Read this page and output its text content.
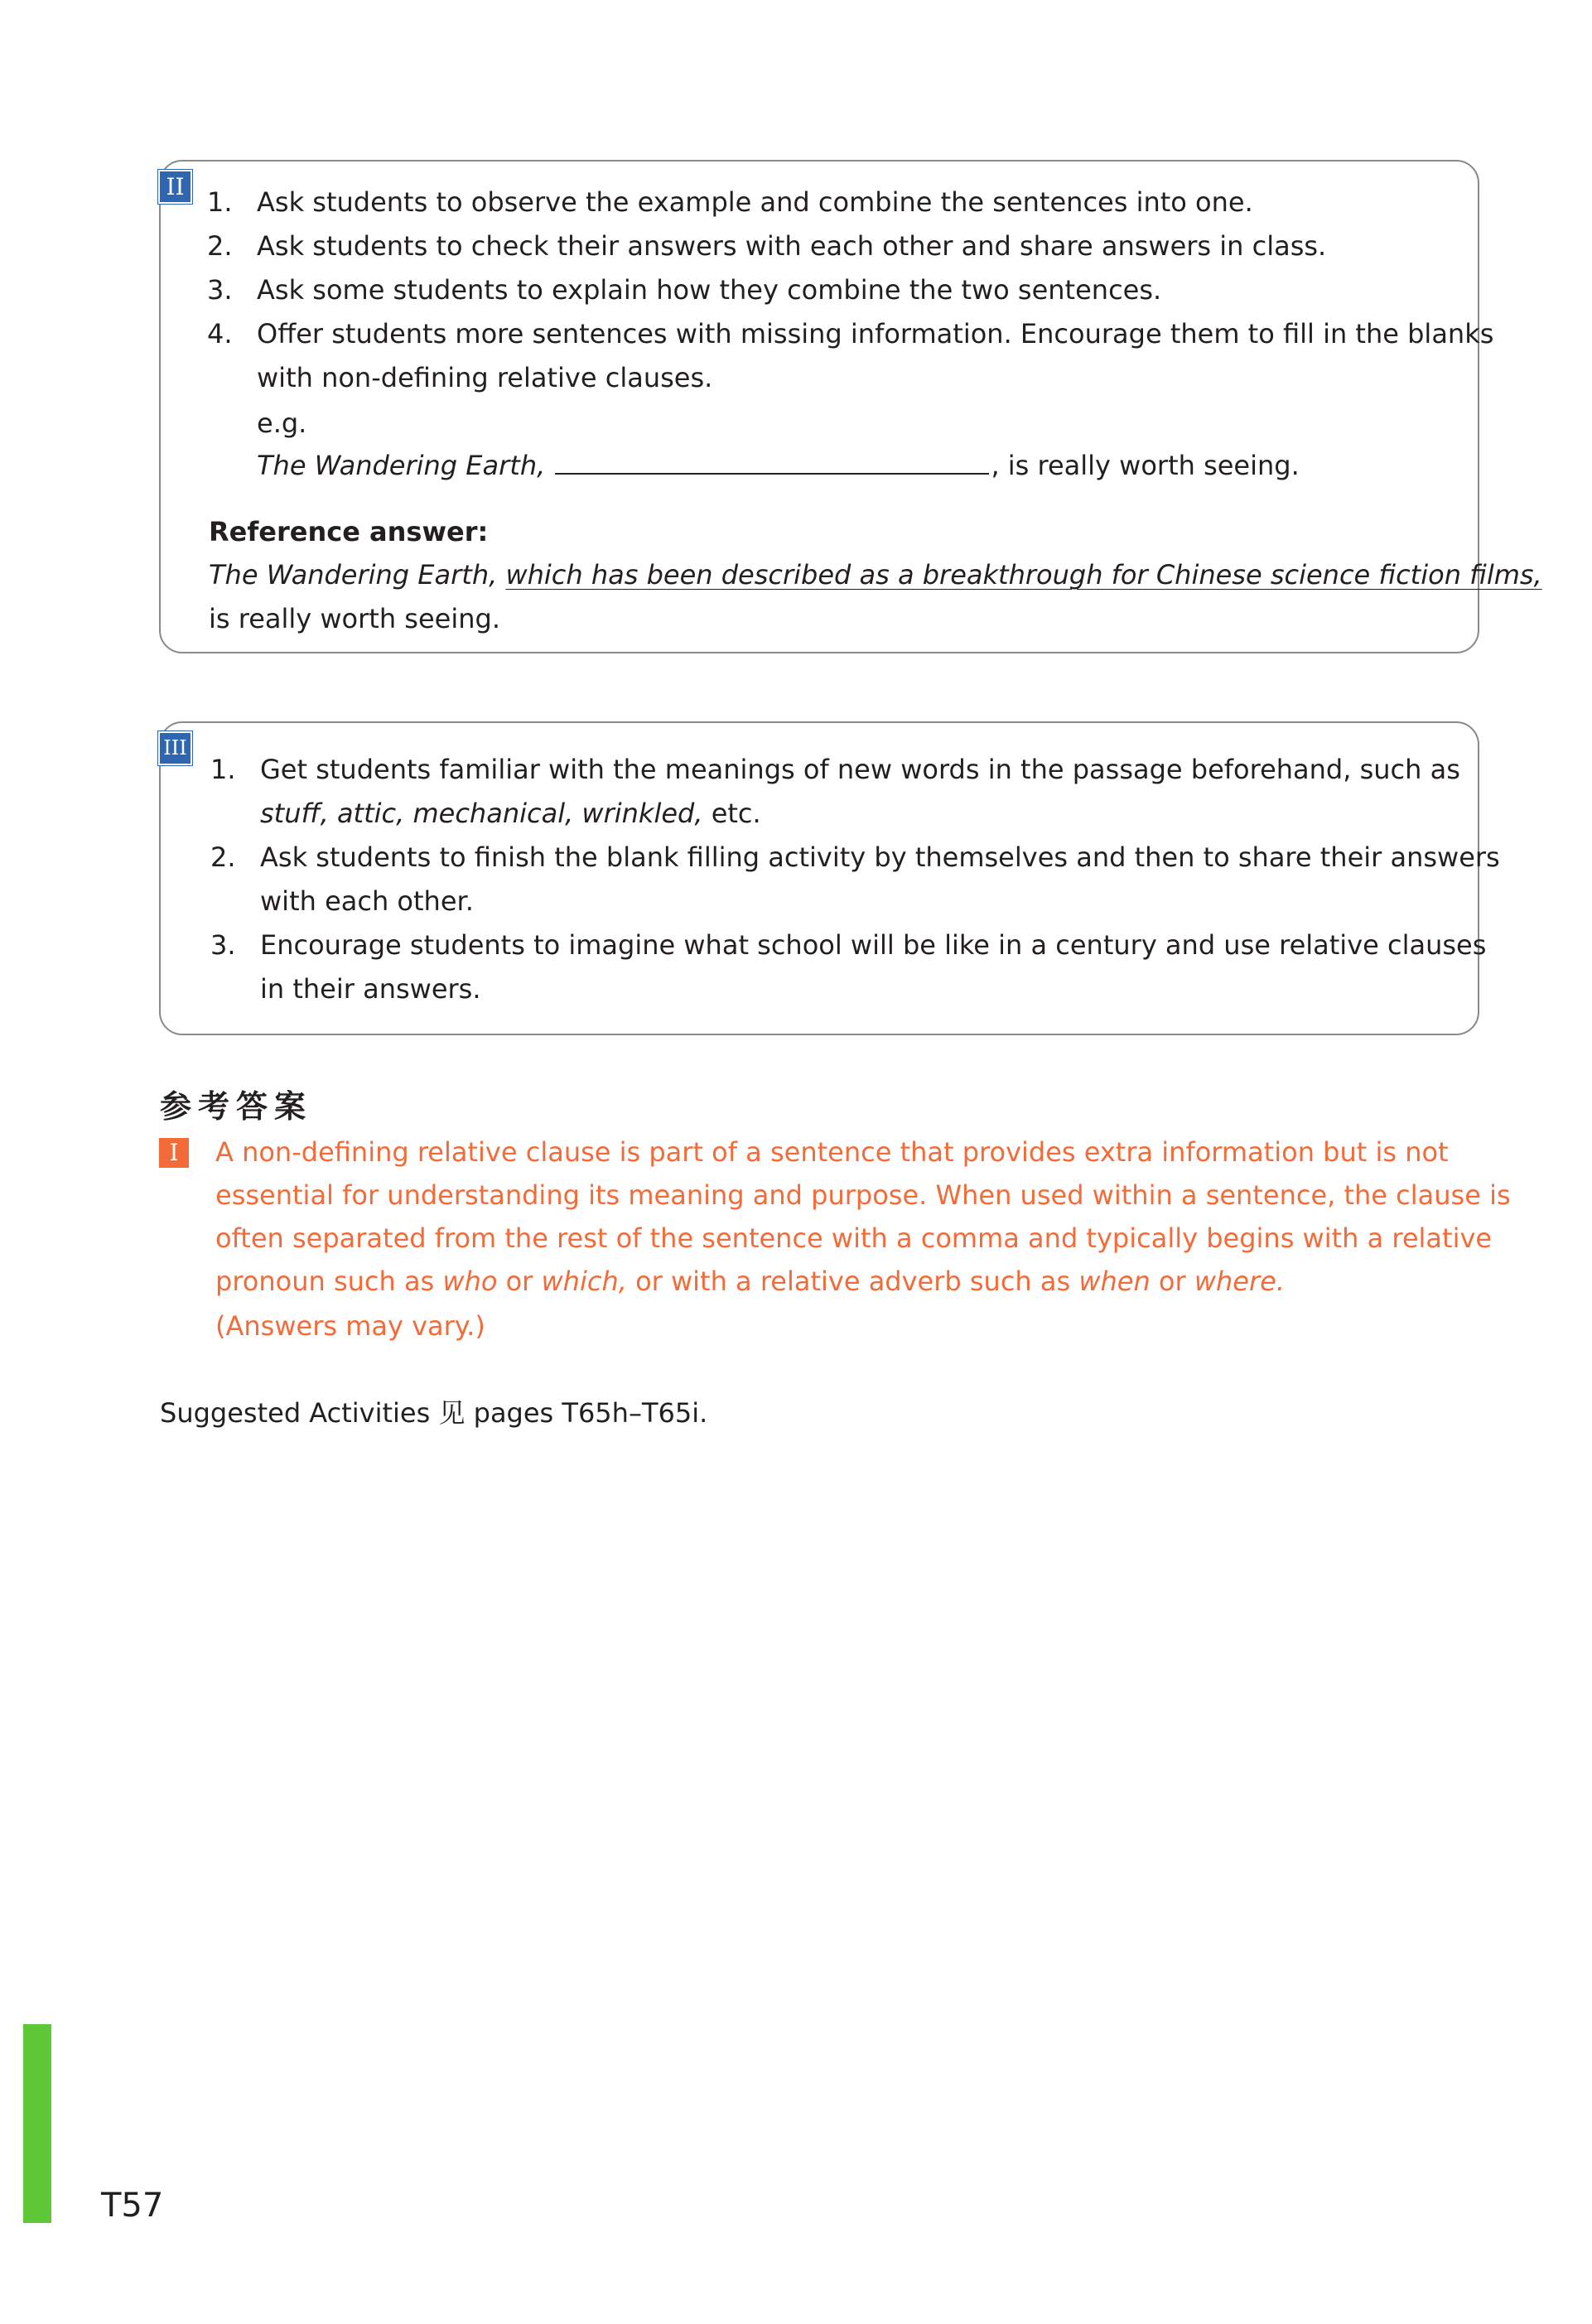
II 1. Ask students to observe the example and combine the sentences into one.
2. Ask students to check their answers with each other and share answers in class.
3. Ask some students to explain how they combine the two sentences.
4. Offer students more sentences with missing information. Encourage them to fill in the blanks
with non-defining relative clauses.
e.g.
The Wandering Earth,	, is really worth seeing.
Reference answer:
The Wandering Earth, which has been described as a breakthrough for Chinese science fiction films,
is really worth seeing.
III
1. Get students familiar with the meanings of new words in the passage beforehand, such as
stuff, attic, mechanical, wrinkled, etc.
2. Ask students to finish the blank filling activity by themselves and then to share their answers
with each other.
3. Encourage students to imagine what school will be like in a century and use relative clauses
in their answers.
参考答案
I	A non-defining relative clause is part of a sentence that provides extra information but is not
essential for understanding its meaning and purpose. When used within a sentence, the clause is
often separated from the rest of the sentence with a comma and typically begins with a relative
pronoun such as who or which, or with a relative adverb such as when or where.
(Answers may vary.)
Suggested Activities 见 pages T65h–T65i.
T57
